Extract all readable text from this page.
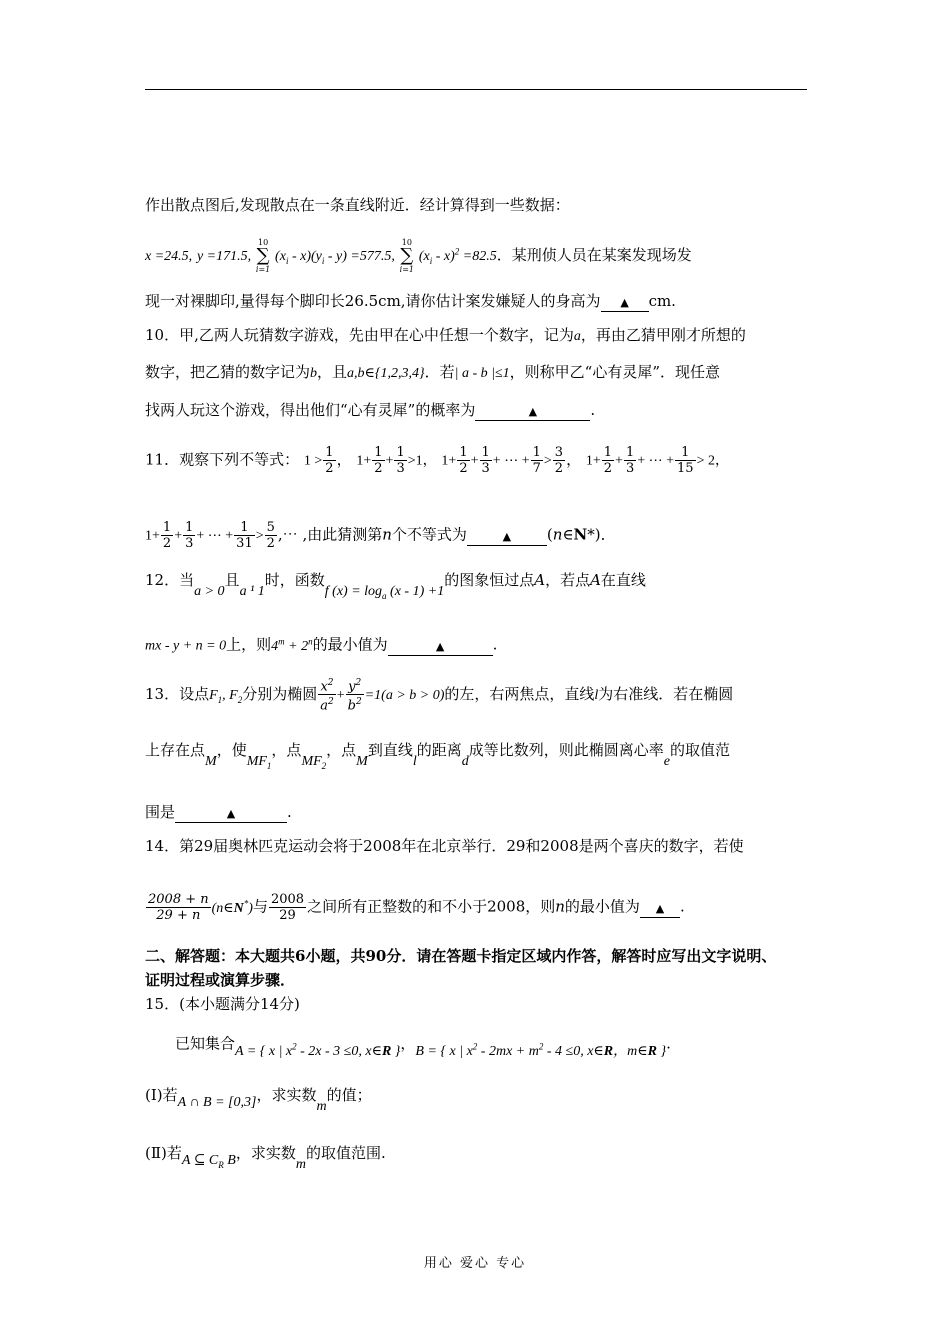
作出散点图后,发现散点在一条直线附近．经计算得到一些数据：
x =24.5, y =171.5, 10
∑
i=1 $(x_i - x)(y_i - y) =577.5$, 10
∑
i=1 $(x_i - x)^2 =82.5$．某刑侦人员在某案发现场发
现一对裸脚印,量得每个脚印长26.5cm,请你估计案发嫌疑人的身高为 ▲ cm.
10．甲,乙两人玩猜数字游戏，先由甲在心中任想一个数字，记为a，再由乙猜甲刚才所想的
数字，把乙猜的数字记为b，且a,b∈{1,2,3,4}．若| a - b |≤1，则称甲乙“心有灵犀”．现任意
找两人玩这个游戏，得出他们“心有灵犀”的概率为	▲	.
11．观察下列不等式： $1 > \frac{1}{2}$ ， $1+ \frac{1}{2} + \frac{1}{3} >1$， $1+ \frac{1}{2} + \frac{1}{3}$ + ⋯ + $\frac{1}{7} > \frac{3}{2}$ ， $1+ \frac{1}{2} + \frac{1}{3}$ + ⋯ + $\frac{1}{15} > 2$，
$1+ \frac{1}{2} + \frac{1}{3}$ + ⋯ + $\frac{1}{31} > \frac{5}{2}$ ,⋯ ,由此猜测第n个不等式为	▲ (n∈N*)．
12．当a > 0且a ¹ 1时，函数f $(x) = \log_a (x - 1) +1$的图象恒过点A，若点A在直线
mx - y + n = 0上，则$4^m + 2^n$的最小值为	▲	.
13．设点$F_1$, $F_2$分别为椭圆 $\frac{x^2}{a^2} + \frac{y^2}{b^2} =1(a > b > 0)$的左，右两焦点，直线l为右准线．若在椭圆
上存在点M，使$MF_1$，点$MF_2$，点M到直线l的距离d成等比数列，则此椭圆离心率e的取值范
围是	▲	.
14．第29届奥林匹克运动会将于2008年在北京举行．29和2008是两个喜庆的数字，若使
$\frac{2008 + n}{29 + n}$ (n∈N*)与 $\frac{2008}{29}$ 之间所有正整数的和不小于2008，则n的最小值为 ▲ .
二、解答题：本大题共6小题，共90分．请在答题卡指定区域内作答，解答时应写出文字说明、
证明过程或演算步骤．
15．(本小题满分14分)
已知集合A = { x | $x^2 - 2x - 3 \le 0$, x∈R }，B = { x | $x^2 - 2mx + m^2 - 4 \le 0$, x∈R，m∈R }.
(Ⅰ)若A ∩ B = [0,3]，求实数m的值；
(Ⅱ)若A ⊆ $C_R$ B，求实数m的取值范围.
用心 爱心 专心
